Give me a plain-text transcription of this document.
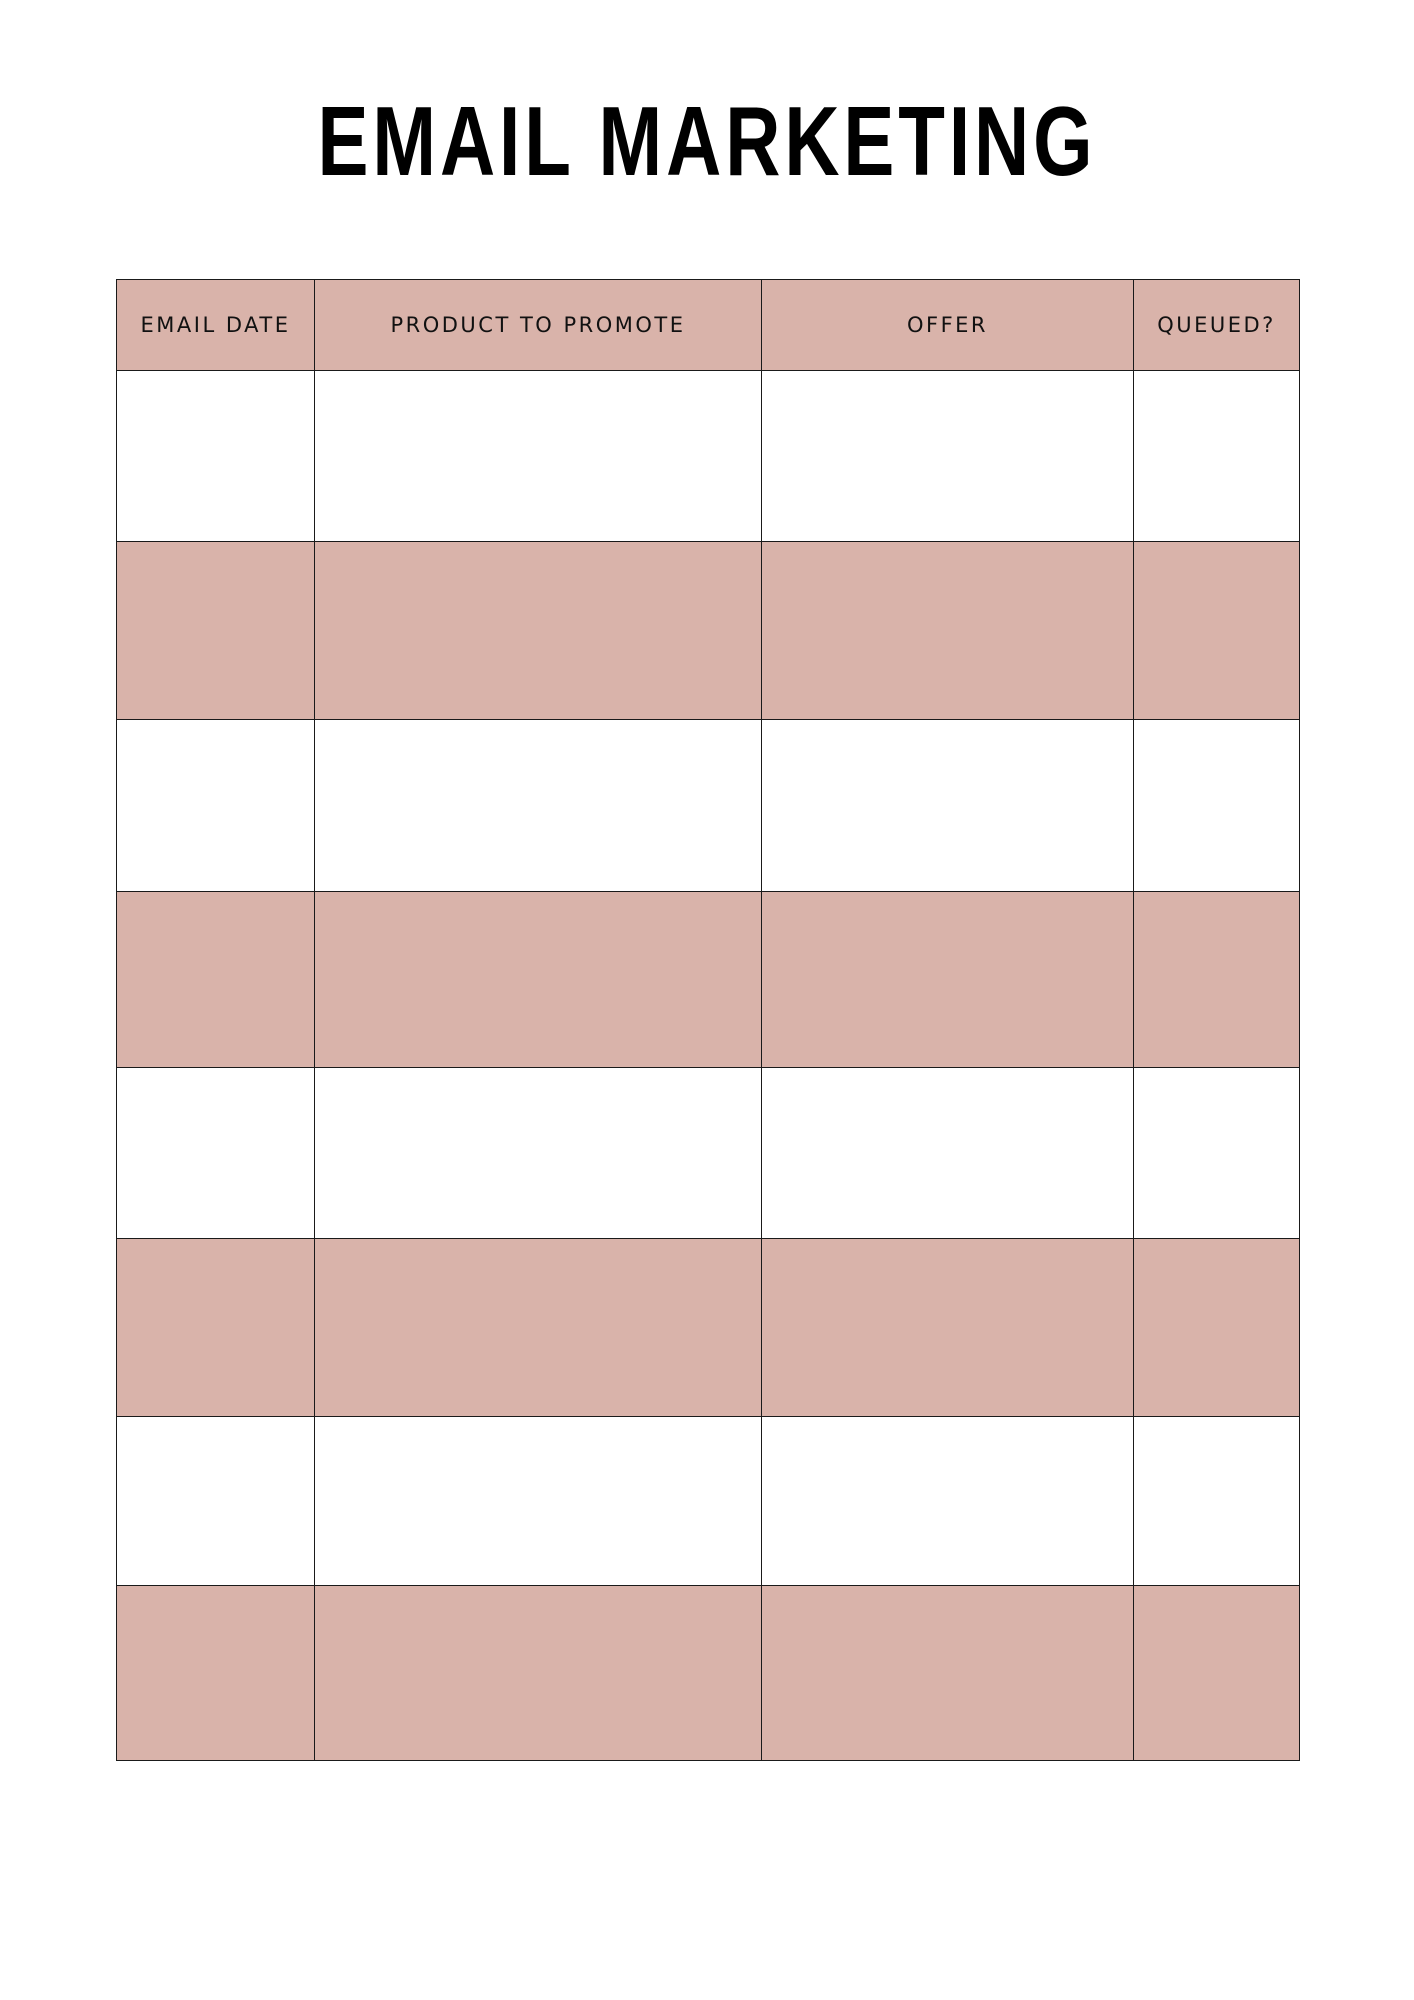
EMAIL MARKETING
EMAIL DATE	PRODUCT TO PROMOTE	OFFER	QUEUED?
